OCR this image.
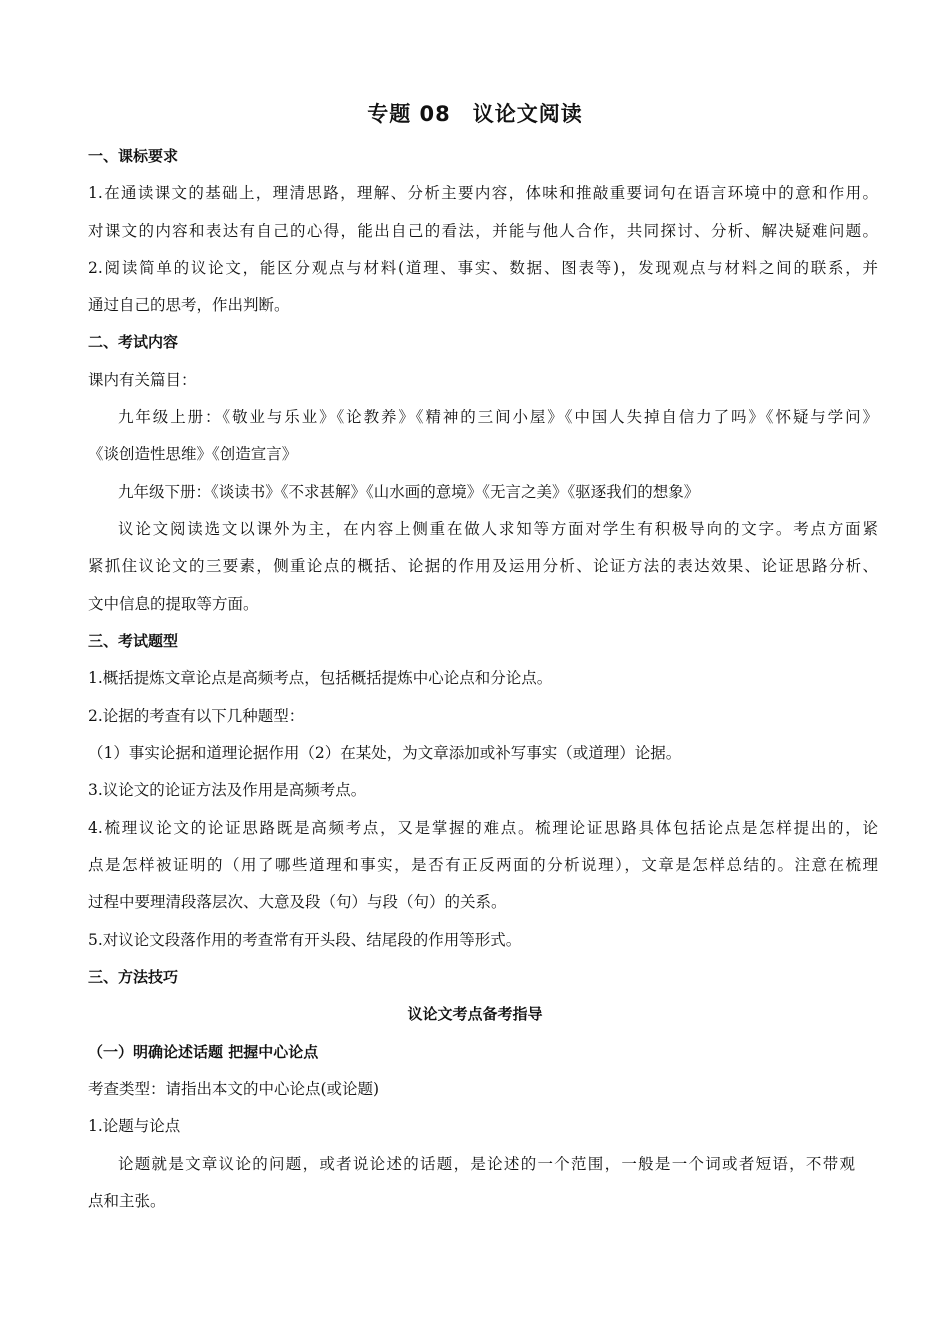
专题 08　议论文阅读
一、课标要求
1.在通读课文的基础上，理清思路，理解、分析主要内容，体味和推敲重要词句在语言环境中的意和作用。
对课文的内容和表达有自己的心得，能出自己的看法，并能与他人合作，共同探讨、分析、解决疑难问题。
2.阅读简单的议论文，能区分观点与材料(道理、事实、数据、图表等)，发现观点与材料之间的联系，并
通过自己的思考，作出判断。
二、考试内容
课内有关篇目：
九年级上册：《敬业与乐业》《论教养》《精神的三间小屋》《中国人失掉自信力了吗》《怀疑与学问》
《谈创造性思维》《创造宣言》
九年级下册：《谈读书》《不求甚解》《山水画的意境》《无言之美》《驱逐我们的想象》
议论文阅读选文以课外为主，在内容上侧重在做人求知等方面对学生有积极导向的文字。考点方面紧
紧抓住议论文的三要素，侧重论点的概括、论据的作用及运用分析、论证方法的表达效果、论证思路分析、
文中信息的提取等方面。
三、考试题型
1.概括提炼文章论点是高频考点，包括概括提炼中心论点和分论点。
2.论据的考查有以下几种题型：
（1）事实论据和道理论据作用（2）在某处，为文章添加或补写事实（或道理）论据。
3.议论文的论证方法及作用是高频考点。
4.梳理议论文的论证思路既是高频考点，又是掌握的难点。梳理论证思路具体包括论点是怎样提出的，论
点是怎样被证明的（用了哪些道理和事实，是否有正反两面的分析说理），文章是怎样总结的。注意在梳理
过程中要理清段落层次、大意及段（句）与段（句）的关系。
5.对议论文段落作用的考查常有开头段、结尾段的作用等形式。
三、方法技巧
议论文考点备考指导
（一）明确论述话题 把握中心论点
考查类型：请指出本文的中心论点(或论题)
1.论题与论点
论题就是文章议论的问题，或者说论述的话题，是论述的一个范围，一般是一个词或者短语，不带观
点和主张。
